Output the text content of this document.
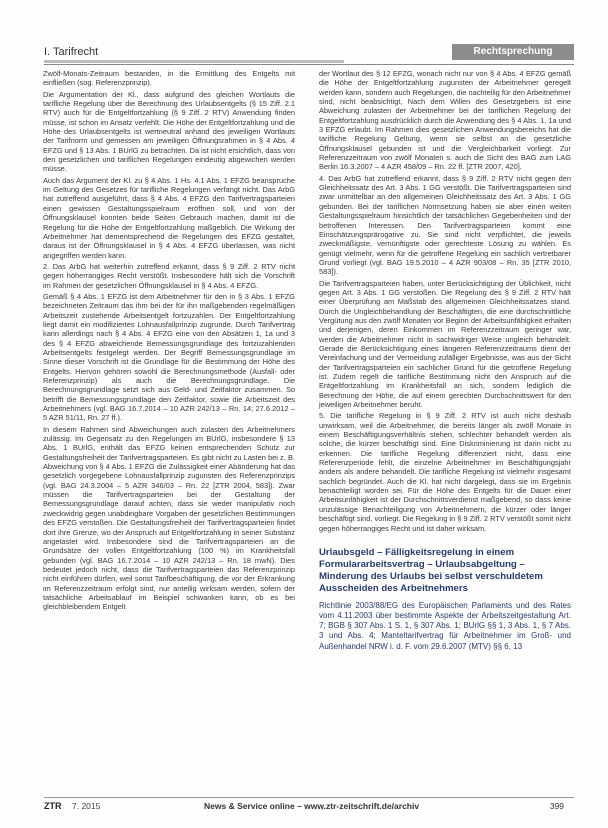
I. Tarifrecht	Rechtsprechung

Zwölf-Monats-Zeitraum bestanden, in die Ermittlung des Entgelts mit einfließen (sog. Referenzprinzip).

Die Argumentation der Kl., dass aufgrund des gleichen Wortlauts die tarifliche Regelung über die Berechnung des Urlaubsentgelts (§ 15 Ziff. 2.1 RTV) auch für die Entgeltfortzahlung (§ 9 Ziff. 2 RTV) Anwendung finden müsse, ist schon im Ansatz verfehlt. Die Höhe der Entgeltfortzahlung und die Höhe des Urlaubsentgelts ist wertneutral anhand des jeweiligen Wortlauts der Tarifnorm und gemessen am jeweiligen Öffnungsrahmen in § 4 Abs. 4 EFZG und § 13 Abs. 1 BUrlG zu betrachten. Da ist nicht ersichtlich, dass von den gesetzlichen und tariflichen Regelungen eindeutig abgewichen werden müsse.

Auch das Argument der Kl. zu § 4 Abs. 1 Hs. 4.1 Abs. 1 EFZG beanspruche im Geltung des Gesetzes für tarifliche Regelungen verfangt nicht. Das ArbG hat zutreffend ausgeführt, dass § 4 Abs. 4 EFZG den Tarifvertragsparteien einen gewissen Gestaltungsspielraum eröffnen soll, und von der Öffnungsklausel konnten beide Seiten Gebrauch machen, damit ist die Regelung für die Höhe der Entgeltfortzahlung maßgeblich. Die Wirkung der Arbeitnehmer hat dementsprechend die Regelungen des EFZG gestaltet, daraus ist der Öffnungsklausel in § 4 Abs. 4 EFZG überlassen, was nicht angegriffen werden kann.

2. Das ArbG hat weiterhin zutreffend erkannt, dass § 9 Ziff. 2 RTV nicht gegen höherrangiges Recht verstößt. Insbesondere hält sich die Vorschrift im Rahmen der gesetzlichen Öffnungsklausel in § 4 Abs. 4 EFZG.

Gemäß § 4 Abs. 1 EFZG ist dem Arbeitnehmer für den in § 3 Abs. 1 EFZG bezeichneten Zeitraum das ihm bei der für ihn maßgebenden regelmäßigen Arbeitszeit zustehende Arbeitsentgelt fortzuzahlen. Der Entgeltfortzahlung liegt damit ein modifiziertes Lohnausfallprinzip zugrunde. Durch Tarifvertrag kann allerdings nach § 4 Abs. 4 EFZG eine von den Absätzen 1, 1a und 3 des § 4 EFZG abweichende Bemessungsgrundlage des fortzuzahlenden Arbeitsentgelts festgelegt werden. Der Begriff Bemessungsgrundlage im Sinne dieser Vorschrift ist die Grundlage für die Bestimmung der Höhe des Entgelts. Hiervon gehören sowohl die Berechnungsmethode (Ausfall- oder Referenzprinzip) als auch die Berechnungsgrundlage. Die Berechnungsgrundlage setzt sich aus Geld- und Zeitfaktor zusammen. So betrifft die Bemessungsgrundlage den Zeitfaktor, sowie die Arbeitszeit des Arbeitnehmers (vgl. BAG 16.7.2014 – 10 AZR 242/13 – Rn. 14; 27.6.2012 – 5 AZR 51/11, Rn. 27 ff.).

In diesem Rahmen sind Abweichungen auch zulasten des Arbeitnehmers zulässig. Im Gegensatz zu den Regelungen im BUrlG, insbesondere § 13 Abs. 1 BUrlG, enthält das EFZG keinen entsprechenden Schutz zur Gestaltungsfreiheit der Tarifvertragsparteien. Es gibt nicht zu Lasten bei z. B. Abweichung von § 4 Abs. 1 EFZG die Zulässigkeit einer Abänderung hat das gesetzlich vorgegebene Lohnausfallprinzip zugunsten des Referenzprinzips (vgl. BAG 24.3.2004 – 5 AZR 346/03 – Rn. 22 [ZTR 2004, 583]). Zwar müssen die Tarifvertragsparteien bei der Gestaltung der Bemessungsgrundlage darauf achten, dass sie weder manipulativ noch zweckwidrig gegen unabdingbare Vorgaben der gesetzlichen Bestimmungen des EFZG verstoßen. Die Gestaltungsfreiheit der Tarifvertragsparteien findet dort ihre Grenze, wo der Anspruch auf Entgeltfortzahlung in seiner Substanz angetastet wird. Insbesondere sind die Tarifvertragsparteien an die Grundsätze der vollen Entgeltfortzahlung (100 %) im Krankheitsfall gebunden (vgl. BAG 16.7.2014 – 10 AZR 242/13 – Rn. 18 mwN). Dies bedeutet jedoch nicht, dass die Tarifvertragsparteien das Referenzprinzip nicht einführen dürfen, weil sonst Tarifbeschäftigung, die vor der Erkrankung im Referenzzeitraum erfolgt sind, nur anteilig wirksam werden, sofern der tatsächliche Arbeitsablauf im Beispiel schwanken kann, ob es bei gleichbleibendem Entgelt

der Wortlaut des § 12 EFZG, wonach nicht nur von § 4 Abs. 4 EFZG gemäß die Höhe der Entgeltfortzahlung zugunsten der Arbeitnehmer geregelt werden kann, sondern auch Regelungen, die nachteilig für den Arbeitnehmer sind, nicht beabsichtigt, Nach dem Willen des Gesetzgebers ist eine Abweichung zulasten der Arbeitnehmer bei der tariflichen Regelung der Entgeltfortzahlung ausdrücklich durch die Anwendung des § 4 Abs. 1, 1a und 3 EFZG erlaubt. Im Rahmen dies gesetzlichen Anwendungsbereichs hat die tarifliche Regelung Geltung, wenn sie selbst an die gesetzliche Öffnungsklausel gebunden ist und die Vergleichbarkeit vorliegt. Zur Referenzzeitraum von zwölf Monaten s. auch die Sicht des BAG zum LAG Berlin 16.3.2007 – 4 AZR 458/09 – Rn. 22 ff. [ZTR 2007, 420].

4. Das ArbG hat zutreffend erkannt, dass § 9 Ziff. 2 RTV nicht gegen den Gleichheitssatz des Art. 3 Abs. 1 GG verstößt. Die Tarifvertragsparteien sind zwar unmittelbar an den allgemeinen Gleichheitssatz des Art. 3 Abs. 1 GG gebunden. Bei der tariflichen Normsetzung haben sie aber einen weiten Gestaltungsspielraum hinsichtlich der tatsächlichen Gegebenheiten und der betroffenen Interessen. Den Tarifvertragsparteien kommt eine Einschätzungsprärogative zu. Sie sind nicht verpflichtet, die jeweils zweckmäßigste, vernünftigste oder gerechteste Lösung zu wählen. Es genügt vielmehr, wenn für die getroffene Regelung ein sachlich vertretbarer Grund vorliegt (vgl. BAG 19.5.2010 – 4 AZR 903/08 – Rn. 35 [ZTR 2010, 583]).

Die Tarifvertragsparteien haben, unter Berücksichtigung der Üblichkeit, nicht gegen Art. 3 Abs. 1 GG verstoßen. Die Regelung des § 9 Ziff. 2 RTV hält einer Überprüfung am Maßstab des allgemeinen Gleichheitssatzes stand. Durch die Ungleichbehandlung der Beschäftigten, die eine durchschnittliche Vergütung aus den zwölf Monaten vor Beginn der Arbeitsunfähigkeit erhalten und derjenigen, deren Einkommen im Referenzzeitraum geringer war, werden die Arbeitnehmer nicht in sachwidriger Weise ungleich behandelt. Gerade die Berücksichtigung eines längeren Referenzzeitraums dient der Vereinfachung und der Vermeidung zufälliger Ergebnisse, was aus der Sicht der Tarifvertragsparteien ein sachlicher Grund für die getroffene Regelung ist. Zudem regelt die tarifliche Bestimmung nicht den Anspruch auf die Entgeltfortzahlung im Krankheitsfall an sich, sondern lediglich die Berechnung der Höhe, die auf einem gerechten Durchschnittswert für den jeweiligen Arbeitnehmer beruht.

5. Die tarifliche Regelung in § 9 Ziff. 2 RTV ist auch nicht deshalb unwirksam, weil die Arbeitnehmer, die bereits länger als zwölf Monate in einem Beschäftigungsverhältnis stehen, schlechter behandelt werden als solche, die kürzer beschäftigt sind. Eine Diskriminierung ist darin nicht zu erkennen. Die tarifliche Regelung differenziert nicht, dass eine Referenzperiode fehlt, die einzelne Arbeitnehmer im Beschäftigungsjahr anders als andere behandelt. Die tarifliche Regelung ist vielmehr insgesamt sachlich begründet. Auch die Kl. hat nicht dargelegt, dass sie im Ergebnis benachteiligt worden sei. Für die Höhe des Entgelts für die Dauer einer Arbeitsunfähigkeit ist der Durchschnittsverdienst maßgebend, so dass keine unzulässige Benachteiligung von Arbeitnehmern, die kürzer oder länger beschäftigt sind, vorliegt. Die Regelung in § 9 Ziff. 2 RTV verstößt somit nicht gegen höherrangiges Recht und ist daher wirksam.

Urlaubsgeld – Fälligkeitsregelung in einem Formulararbeitsvertrag – Urlaubsabgeltung – Minderung des Urlaubs bei selbst verschuldetem Ausscheiden des Arbeitnehmers

Richtlinie 2003/88/EG des Europäischen Parlaments und des Rates vom 4.11.2003 über bestimmte Aspekte der Arbeitszeitgestaltung Art. 7; BGB § 307 Abs. 1 S. 1, § 307 Abs. 1; BUrlG §§ 1, 3 Abs. 1, § 7 Abs. 3 und Abs. 4; Manteltarifvertrag für Arbeitnehmer im Groß- und Außenhandel NRW i. d. F. vom 29.6.2007 (MTV) §§ 6, 13

ZTR 7. 2015	News & Service online – www.ztr-zeitschrift.de/archiv	399
